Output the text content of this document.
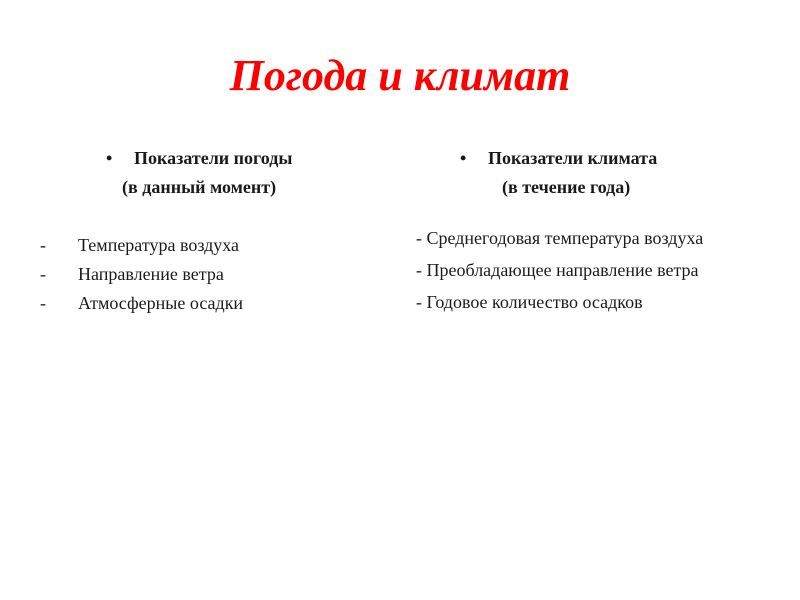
Погода и климат
•	Показатели погоды
(в данный момент)
-	Температура воздуха
-	Направление ветра
-	Атмосферные осадки
•	Показатели климата
(в течение года)
- Среднегодовая температура воздуха
- Преобладающее направление ветра
- Годовое количество осадков
